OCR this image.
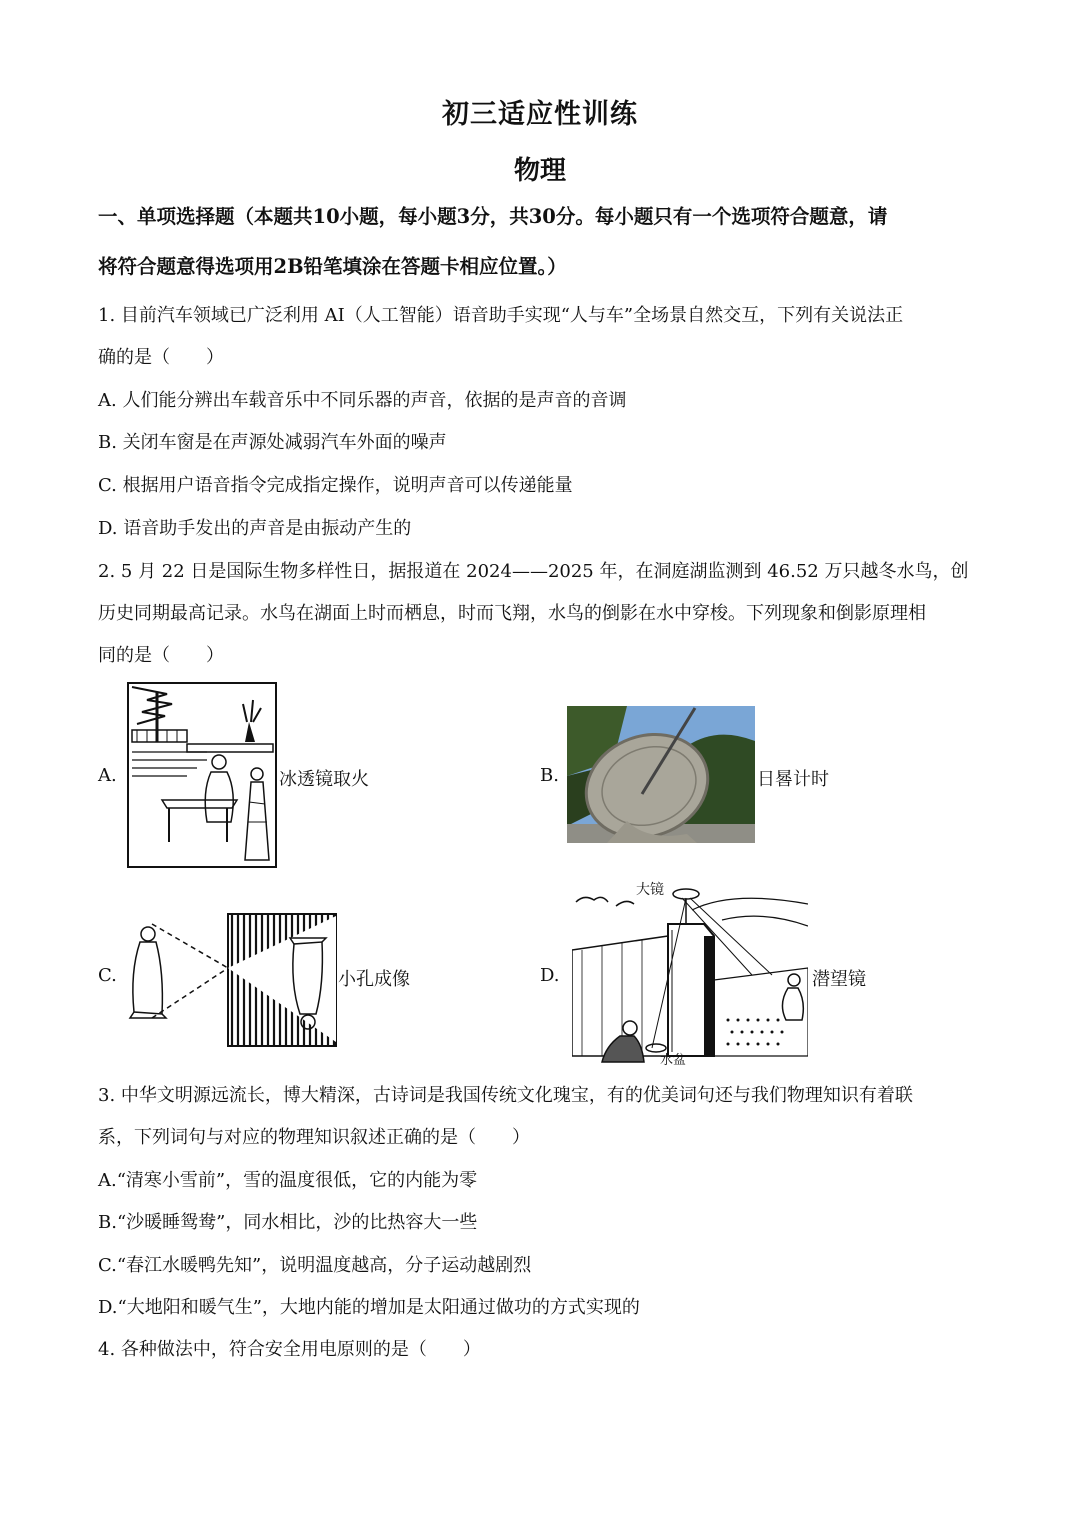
初三适应性训练
物理
一、单项选择题（本题共10小题，每小题3分，共30分。每小题只有一个选项符合题意，请
将符合题意得选项用2B铅笔填涂在答题卡相应位置。）
1. 目前汽车领域已广泛利用 AI（人工智能）语音助手实现“人与车”全场景自然交互，下列有关说法正
确的是（　　）
A. 人们能分辨出车载音乐中不同乐器的声音，依据的是声音的音调
B. 关闭车窗是在声源处减弱汽车外面的噪声
C. 根据用户语音指令完成指定操作，说明声音可以传递能量
D. 语音助手发出的声音是由振动产生的
2. 5 月 22 日是国际生物多样性日，据报道在 2024——2025 年，在洞庭湖监测到 46.52 万只越冬水鸟，创
历史同期最高记录。水鸟在湖面上时而栖息，时而飞翔，水鸟的倒影在水中穿梭。下列现象和倒影原理相
同的是（　　）
A.	冰透镜取火	B.	日晷计时
C.	小孔成像	D.
大镜
水盆
潜望镜
3. 中华文明源远流长，博大精深，古诗词是我国传统文化瑰宝，有的优美词句还与我们物理知识有着联
系，下列词句与对应的物理知识叙述正确的是（　　）
A.“清寒小雪前”，雪的温度很低，它的内能为零
B.“沙暖睡鸳鸯”，同水相比，沙的比热容大一些
C.“春江水暖鸭先知”，说明温度越高，分子运动越剧烈
D.“大地阳和暖气生”，大地内能的增加是太阳通过做功的方式实现的
4. 各种做法中，符合安全用电原则的是（　　）
